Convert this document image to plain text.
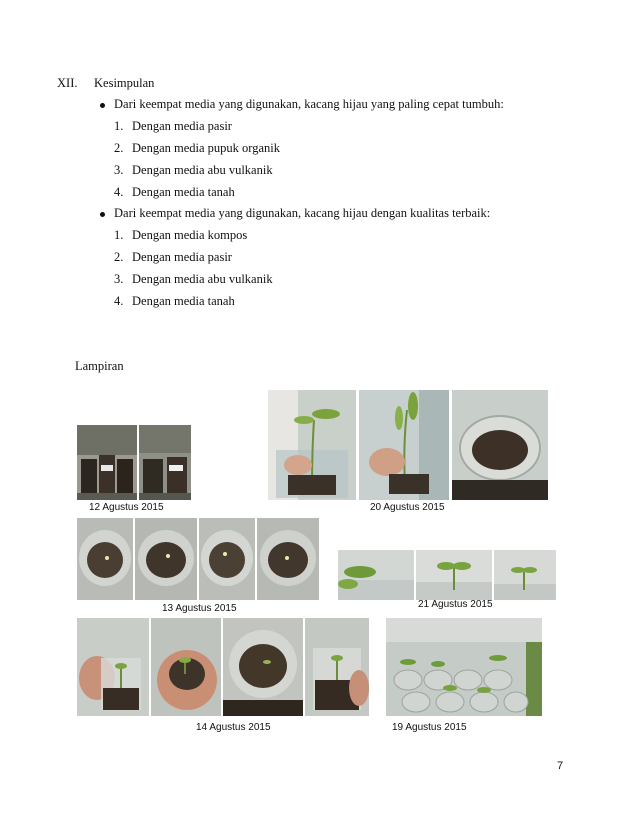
XII. Kesimpulan
Dari keempat media yang digunakan, kacang hijau yang paling cepat tumbuh:
1. Dengan media pasir
2. Dengan media pupuk organik
3. Dengan media abu vulkanik
4. Dengan media tanah
Dari keempat media yang digunakan, kacang hijau dengan kualitas terbaik:
1. Dengan media kompos
2. Dengan media pasir
3. Dengan media abu vulkanik
4. Dengan media tanah
Lampiran
12 Agustus 2015	20 Agustus 2015
13 Agustus 2015	21 Agustus 2015
14 Agustus 2015	19 Agustus 2015
7
